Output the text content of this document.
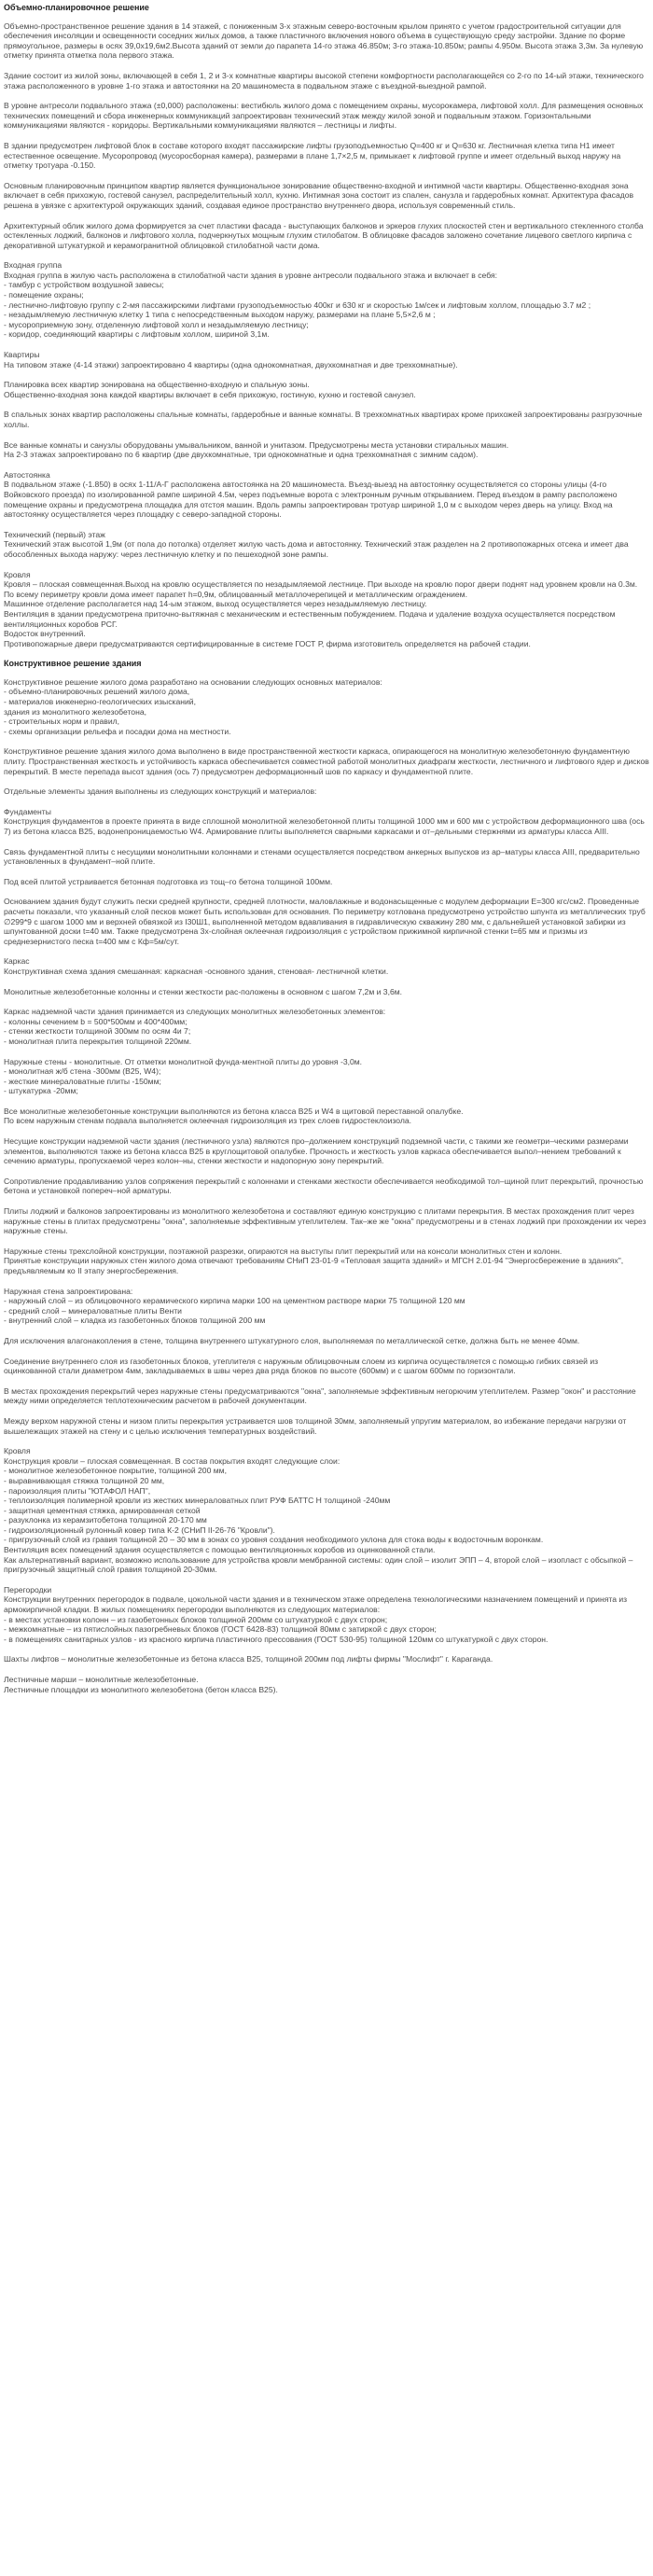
Объемно-планировочное решение
Объемно-пространственное решение здания в 14 этажей, с пониженным 3-х этажным северо-восточным крылом принято с учетом градостроительной ситуации для обеспечения инсоляции и освещенности соседних жилых домов, а также пластичного включения нового объема в существующую среду застройки. Здание по форме прямоугольное, размеры в осях 39,0х19,6м2.Высота зданий от земли до парапета 14-го этажа 46.850м; 3-го этажа-10.850м; рампы 4.950м. Высота этажа 3,3м. За нулевую отметку принята отметка пола первого этажа.
Здание состоит из жилой зоны, включающей в себя 1, 2 и 3-х комнатные квартиры высокой степени комфортности располагающейся со 2-го по 14-ый этажи, технического этажа расположенного в уровне 1-го этажа и автостоянки на 20 машиноместа в подвальном этаже с въездной-выездной рампой.
В уровне антресоли подвального этажа (±0,000) расположены: вестибюль жилого дома с помещением охраны, мусорокамера, лифтовой холл. Для размещения основных технических помещений и сбора инженерных коммуникаций запроектирован технический этаж между жилой зоной и подвальным этажом. Горизонтальными коммуникациями являются - коридоры. Вертикальными коммуникациями являются – лестницы и лифты.
В здании предусмотрен лифтовой блок в составе которого входят пассажирские лифты грузоподъемностью Q=400 кг и Q=630 кг. Лестничная клетка типа Н1 имеет естественное освещение. Мусоропровод (мусоросборная камера), размерами в плане 1,7×2,5 м, примыкает к лифтовой группе и имеет отдельный выход наружу на отметку тротуара -0.150.
Основным планировочным принципом квартир является функциональное зонирование общественно-входной и интимной части квартиры. Общественно-входная зона включает в себя прихожую, гостевой санузел, распределительный холл, кухню. Интимная зона состоит из спален, санузла и гардеробных комнат. Архитектура фасадов решена в увязке с архитектурой окружающих зданий, создавая единое пространство внутреннего двора, используя современный стиль.
Архитектурный облик жилого дома формируется за счет пластики фасада - выступающих балконов и эркеров глухих плоскостей стен и вертикального стекленного столба остекленных лоджий, балконов и лифтового холла, подчеркнутых мощным глухим стилобатом. В облицовке фасадов заложено сочетание лицевого светлого кирпича с декоративной штукатуркой и керамогранитной облицовкой стилобатной части дома.
Входная группа
Входная группа в жилую часть расположена в стилобатной части здания в уровне антресоли подвального этажа и включает в себя:
- тамбур с устройством воздушной завесы;
- помещение охраны;
- лестнично-лифтовую группу с 2-мя пассажирскими лифтами грузоподъемностью 400кг и 630 кг и скоростью 1м/сек и лифтовым холлом, площадью 3.7 м2 ;
- незадымляемую лестничную клетку 1 типа с непосредственным выходом наружу, размерами на плане 5,5×2,6 м ;
- мусороприемную зону, отделенную лифтовой холл и незадымляемую лестницу;
- коридор, соединяющий квартиры с лифтовым холлом, шириной 3,1м.
Квартиры
На типовом этаже (4-14 этажи) запроектировано 4 квартиры (одна однокомнатная, двухкомнатная и две трехкомнатные).
Планировка всех квартир зонирована на общественно-входную и спальную зоны.
Общественно-входная зона каждой квартиры включает в себя прихожую, гостиную, кухню и гостевой санузел.
В спальных зонах квартир расположены спальные комнаты, гардеробные и ванные комнаты. В трехкомнатных квартирах кроме прихожей запроектированы разгрузочные холлы.
Все ванные комнаты и санузлы оборудованы умывальником, ванной и унитазом. Предусмотрены места установки стиральных машин.
На 2-3 этажах запроектировано по 6 квартир (две двухкомнатные, три однокомнатные и одна трехкомнатная с зимним садом).
Автостоянка
В подвальном этаже (-1.850) в осях 1-11/А-Г расположена автостоянка на 20 машиноместа. Въезд-выезд на автостоянку осуществляется со стороны улицы (4-го Войковского проезда) по изолированной рампе шириной 4.5м, через подъемные ворота с электронным ручным открыванием. Перед въездом в рампу расположено помещение охраны и предусмотрена площадка для отстоя машин. Вдоль рампы запроектирован тротуар шириной 1,0 м с выходом через дверь на улицу. Вход на автостоянку осуществляется через площадку с северо-западной стороны.
Технический (первый) этаж
Технический этаж высотой 1,9м (от пола до потолка) отделяет жилую часть дома и автостоянку. Технический этаж разделен на 2 противопожарных отсека и имеет два обособленных выхода наружу: через лестничную клетку и по пешеходной зоне рампы.
Кровля
Кровля – плоская совмещенная.Выход на кровлю осуществляется по незадымляемой лестнице. При выходе на кровлю порог двери поднят над уровнем кровли на 0.3м. По всему периметру кровли дома имеет парапет h=0,9м, облицованный металлочерепицей и металлическим ограждением.
Машинное отделение располагается над 14-ым этажом, выход осуществляется через незадымляемую лестницу.
Вентиляция в здании предусмотрена приточно-вытяжная с механическим и естественным побуждением. Подача и удаление воздуха осуществляется посредством вентиляционных коробов РСГ.
Водосток внутренний.
Противопожарные двери предусматриваются сертифицированные в системе ГОСТ Р, фирма изготовитель определяется на рабочей стадии.
Конструктивное решение здания
Конструктивное решение жилого дома разработано на основании следующих основных материалов:
- объемно-планировочных решений жилого дома,
- материалов инженерно-геологических изысканий,
здания из монолитного железобетона,
- строительных норм и правил,
- схемы организации рельефа и посадки дома на местности.
Конструктивное решение здания жилого дома выполнено в виде пространственной жесткости каркаса, опирающегося на монолитную железобетонную фундаментную плиту. Пространственная жесткость и устойчивость каркаса обеспечивается совместной работой монолитных диафрагм жесткости, лестничного и лифтового ядер и дисков перекрытий. В месте перепада высот здания (ось 7) предусмотрен деформационный шов по каркасу и фундаментной плите.
Отдельные элементы здания выполнены из следующих конструкций и материалов:
Фундаменты
Конструкция фундаментов в проекте принята в виде сплошной монолитной железобетонной плиты толщиной 1000 мм и 600 мм с устройством деформационного шва (ось 7) из бетона класса В25, водонепроницаемостью W4. Армирование плиты выполняется сварными каркасами и от–дельными стержнями из арматуры класса АIII.
Связь фундаментной плиты с несущими монолитными колоннами и стенами осуществляется посредством анкерных выпусков из ар–матуры класса АIII, предварительно установленных в фундамент–ной плите.
Под всей плитой устраивается бетонная подготовка из тощ–го бетона толщиной 100мм.
Основанием здания будут служить пески средней крупности, средней плотности, маловлажные и водонасыщенные с модулем деформации Е=300 кгс/см2. Проведенные расчеты показали, что указанный слой песков может быть использован для основания. По периметру котлована предусмотрено устройство шпунта из металлических труб ∅299*9 с шагом 1000 мм и верхней обвязкой из I30Ш1, выполненной методом вдавливания в гидравлическую скважину 280 мм, с дальнейшей установкой забирки из шпунтованной доски t=40 мм. Также предусмотрена 3х-слойная оклеечная гидроизоляция с устройством прижимной кирпичной стенки t=65 мм и призмы из среднезернистого песка t=400 мм с Кф=5м/сут.
Каркас
Конструктивная схема здания смешанная: каркасная -основного здания, стеновая- лестничной клетки.
Монолитные железобетонные колонны и стенки жесткости рас-положены в основном с шагом 7,2м и 3,6м.
Каркас надземной части здания принимается из следующих монолитных железобетонных элементов:
- колонны сечением b = 500*500мм и 400*400мм;
- стенки жесткости толщиной 300мм по осям 4и 7;
- монолитная плита перекрытия толщиной 220мм.
Наружные стены - монолитные. От отметки монолитной фунда-ментной плиты до уровня -3,0м.
- монолитная ж/б стена -300мм (B25, W4);
- жесткие минераловатные плиты -150мм;
- штукатурка -20мм;
Все монолитные железобетонные конструкции выполняются из бетона класса B25 и W4 в щитовой переставной опалубке.
По всем наружным стенам подвала выполняется оклеечная гидроизоляция из трех слоев гидростеклоизола.
Несущие конструкции надземной части здания (лестничного узла) являются про–должением конструкций подземной части, с такими же геометри–ческими размерами элементов, выполняются также из бетона класса В25 в круглощитовой опалубке. Прочность и жесткость узлов каркаса обеспечивается выпол–нением требований к сечению арматуры, пропускаемой через колон–ны, стенки жесткости и надопорную зону перекрытий.
Сопротивление продавливанию узлов сопряжения перекрытий с колоннами и стенками жесткости обеспечивается необходимой тол–щиной плит перекрытий, прочностью бетона и установкой попереч–ной арматуры.
Плиты лоджий и балконов запроектированы из монолитного железобетона и составляют единую конструкцию с плитами перекрытия. В местах прохождения плит через наружные стены в плитах предусмотрены "окна", заполняемые эффективным утеплителем. Так–же же "окна" предусмотрены и в стенах лоджий при прохождении их через наружные стены.
Наружные стены трехслойной конструкции, поэтажной разрезки, опираются на выступы плит перекрытий или на консоли монолитных стен и колонн.
Принятые конструкции наружных стен жилого дома отвечают требованиям СНиП 23-01-9 «Тепловая защита зданий» и МГСН 2.01-94 "Энергосбережение в зданиях", предъявляемым ко II этапу энергосбережения.
Наружная стена запроектирована:
- наружный слой – из облицовочного керамического кирпича марки 100 на цементном растворе марки 75 толщиной 120 мм
- средний слой – минераловатные плиты Венти
- внутренний слой – кладка из газобетонных блоков толщиной 200 мм
Для исключения влагонакопления в стене, толщина внутреннего штукатурного слоя, выполняемая по металлической сетке, должна быть не менее 40мм.
Соединение внутреннего слоя из газобетонных блоков, утеплителя с наружным облицовочным слоем из кирпича осуществляется с помощью гибких связей из оцинкованной стали диаметром 4мм, закладываемых в швы через два ряда блоков по высоте (600мм) и с шагом 600мм по горизонтали.
В местах прохождения перекрытий через наружные стены предусматриваются "окна", заполняемые эффективным негорючим утеплителем. Размер "окон" и расстояние между ними определяется теплотехническим расчетом в рабочей документации.
Между верхом наружной стены и низом плиты перекрытия устраивается шов толщиной 30мм, заполняемый упругим материалом, во избежание передачи нагрузки от вышележащих этажей на стену и с целью исключения температурных воздействий.
Кровля
Конструкция кровли – плоская совмещенная. В состав покрытия входят следующие слои:
- монолитное железобетонное покрытие, толщиной 200 мм,
- выравнивающая стяжка толщиной 20 мм,
- пароизоляция плиты "ЮТАФОЛ НАП",
- теплоизоляция полимерной кровли из жестких минераловатных плит РУФ БАТТС Н толщиной -240мм
- защитная цементная стяжка, армированная сеткой
- разуклонка из керамзитобетона толщиной 20-170 мм
- гидроизоляционный рулонный ковер типа К-2 (СНиП II-26-76 "Кровли").
- пригрузочный слой из гравия толщиной 20 – 30 мм в зонах со уровня создания необходимого уклона для стока воды к водосточным воронкам.
Вентиляция всех помещений здания осуществляется с помощью вентиляционных коробов из оцинкованной стали.
Как альтернативный вариант, возможно использование для устройства кровли мембранной системы: один слой – изолит ЭПП – 4, второй слой – изопласт с обсыпкой – пригрузочный защитный слой гравия толщиной 20-30мм.
Перегородки
Конструкции внутренних перегородок в подвале, цокольной части здания и в техническом этаже определена технологическими назначением помещений и принята из армокирпичной кладки. В жилых помещениях перегородки выполняются из следующих материалов:
- в местах установки колонн – из газобетонных блоков толщиной 200мм со штукатуркой с двух сторон;
- межкомнатные – из пятислойных пазогребневых блоков (ГОСТ 6428-83) толщиной 80мм с затиркой с двух сторон;
- в помещениях санитарных узлов - из красного кирпича пластичного прессования (ГОСТ 530-95) толщиной 120мм со штукатуркой с двух сторон.
Шахты лифтов – монолитные железобетонные из бетона класса B25, толщиной 200мм под лифты фирмы "Мослифт" г. Караганда.
Лестничные марши – монолитные железобетонные.
Лестничные площадки из монолитного железобетона (бетон класса B25).
